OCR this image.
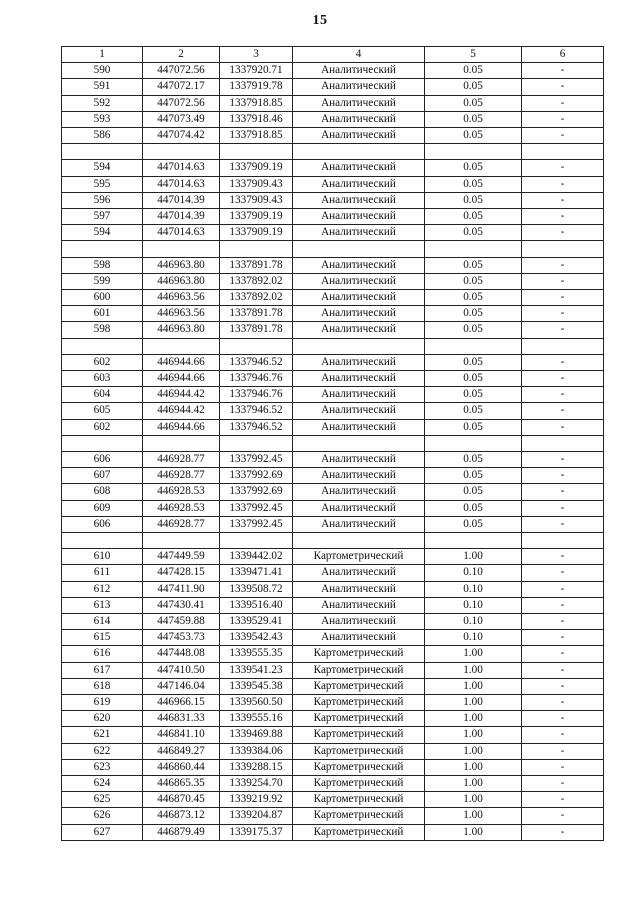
15
1	2	3	4	5	6
590	447072.56	1337920.71	Аналитический	0.05	-
591	447072.17	1337919.78	Аналитический	0.05	-
592	447072.56	1337918.85	Аналитический	0.05	-
593	447073.49	1337918.46	Аналитический	0.05	-
586	447074.42	1337918.85	Аналитический	0.05	-

594	447014.63	1337909.19	Аналитический	0.05	-
595	447014.63	1337909.43	Аналитический	0.05	-
596	447014.39	1337909.43	Аналитический	0.05	-
597	447014.39	1337909.19	Аналитический	0.05	-
594	447014.63	1337909.19	Аналитический	0.05	-

598	446963.80	1337891.78	Аналитический	0.05	-
599	446963.80	1337892.02	Аналитический	0.05	-
600	446963.56	1337892.02	Аналитический	0.05	-
601	446963.56	1337891.78	Аналитический	0.05	-
598	446963.80	1337891.78	Аналитический	0.05	-

602	446944.66	1337946.52	Аналитический	0.05	-
603	446944.66	1337946.76	Аналитический	0.05	-
604	446944.42	1337946.76	Аналитический	0.05	-
605	446944.42	1337946.52	Аналитический	0.05	-
602	446944.66	1337946.52	Аналитический	0.05	-

606	446928.77	1337992.45	Аналитический	0.05	-
607	446928.77	1337992.69	Аналитический	0.05	-
608	446928.53	1337992.69	Аналитический	0.05	-
609	446928.53	1337992.45	Аналитический	0.05	-
606	446928.77	1337992.45	Аналитический	0.05	-

610	447449.59	1339442.02	Картометрический	1.00	-
611	447428.15	1339471.41	Аналитический	0.10	-
612	447411.90	1339508.72	Аналитический	0.10	-
613	447430.41	1339516.40	Аналитический	0.10	-
614	447459.88	1339529.41	Аналитический	0.10	-
615	447453.73	1339542.43	Аналитический	0.10	-
616	447448.08	1339555.35	Картометрический	1.00	-
617	447410.50	1339541.23	Картометрический	1.00	-
618	447146.04	1339545.38	Картометрический	1.00	-
619	446966.15	1339560.50	Картометрический	1.00	-
620	446831.33	1339555.16	Картометрический	1.00	-
621	446841.10	1339469.88	Картометрический	1.00	-
622	446849.27	1339384.06	Картометрический	1.00	-
623	446860.44	1339288.15	Картометрический	1.00	-
624	446865.35	1339254.70	Картометрический	1.00	-
625	446870.45	1339219.92	Картометрический	1.00	-
626	446873.12	1339204.87	Картометрический	1.00	-
627	446879.49	1339175.37	Картометрический	1.00	-
